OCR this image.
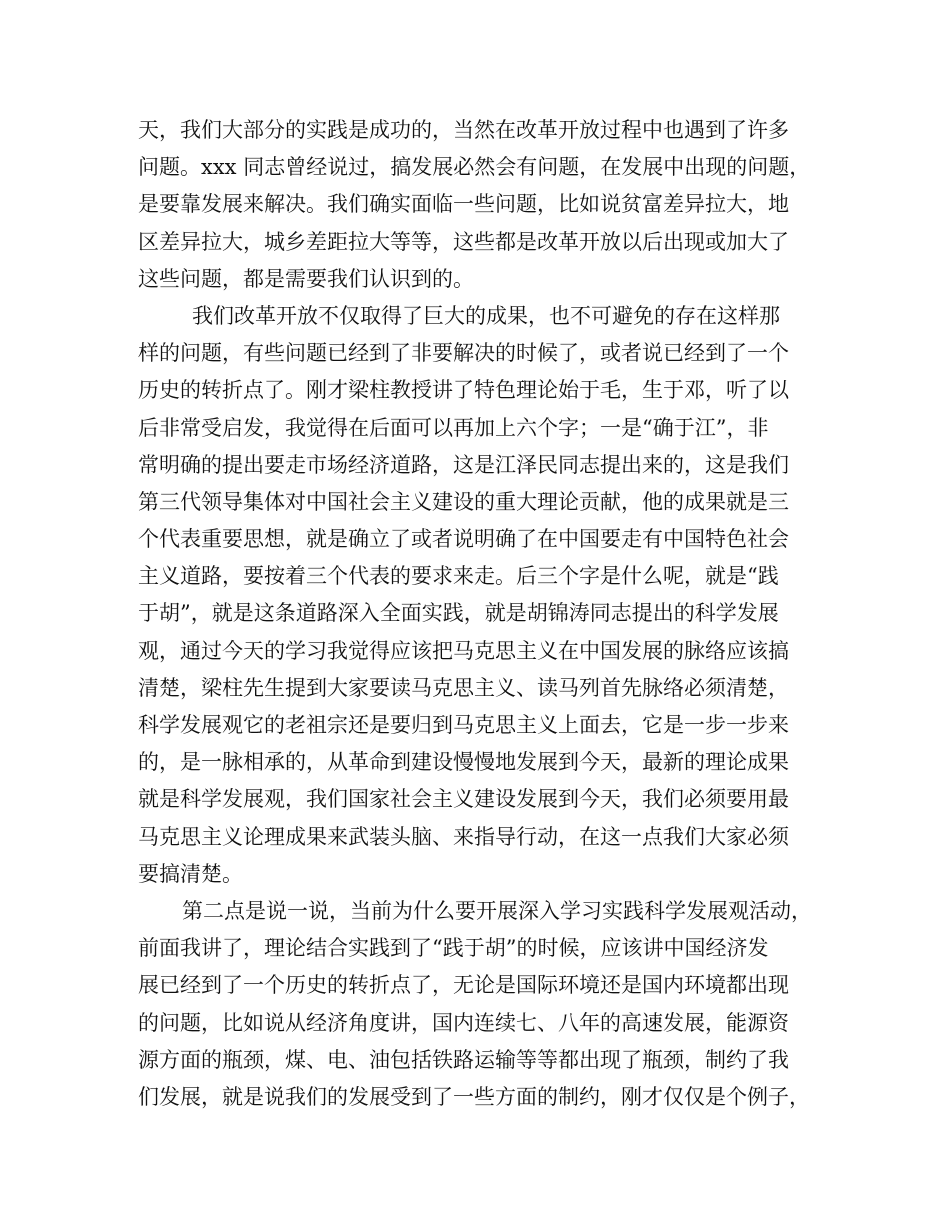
天，我们大部分的实践是成功的，当然在改革开放过程中也遇到了许多
问题。xxx 同志曾经说过，搞发展必然会有问题，在发展中出现的问题，
是要靠发展来解决。我们确实面临一些问题，比如说贫富差异拉大，地
区差异拉大，城乡差距拉大等等，这些都是改革开放以后出现或加大了
这些问题，都是需要我们认识到的。
我们改革开放不仅取得了巨大的成果，也不可避免的存在这样那
样的问题，有些问题已经到了非要解决的时候了，或者说已经到了一个
历史的转折点了。刚才梁柱教授讲了特色理论始于毛，生于邓，听了以
后非常受启发，我觉得在后面可以再加上六个字；一是“确于江”，非
常明确的提出要走市场经济道路，这是江泽民同志提出来的，这是我们
第三代领导集体对中国社会主义建设的重大理论贡献，他的成果就是三
个代表重要思想，就是确立了或者说明确了在中国要走有中国特色社会
主义道路，要按着三个代表的要求来走。后三个字是什么呢，就是“践
于胡”，就是这条道路深入全面实践，就是胡锦涛同志提出的科学发展
观，通过今天的学习我觉得应该把马克思主义在中国发展的脉络应该搞
清楚，梁柱先生提到大家要读马克思主义、读马列首先脉络必须清楚，
科学发展观它的老祖宗还是要归到马克思主义上面去，它是一步一步来
的，是一脉相承的，从革命到建设慢慢地发展到今天，最新的理论成果
就是科学发展观，我们国家社会主义建设发展到今天，我们必须要用最
马克思主义论理成果来武装头脑、来指导行动，在这一点我们大家必须
要搞清楚。
第二点是说一说，当前为什么要开展深入学习实践科学发展观活动，
前面我讲了，理论结合实践到了“践于胡”的时候，应该讲中国经济发
展已经到了一个历史的转折点了，无论是国际环境还是国内环境都出现
的问题，比如说从经济角度讲，国内连续七、八年的高速发展，能源资
源方面的瓶颈，煤、电、油包括铁路运输等等都出现了瓶颈，制约了我
们发展，就是说我们的发展受到了一些方面的制约，刚才仅仅是个例子，
